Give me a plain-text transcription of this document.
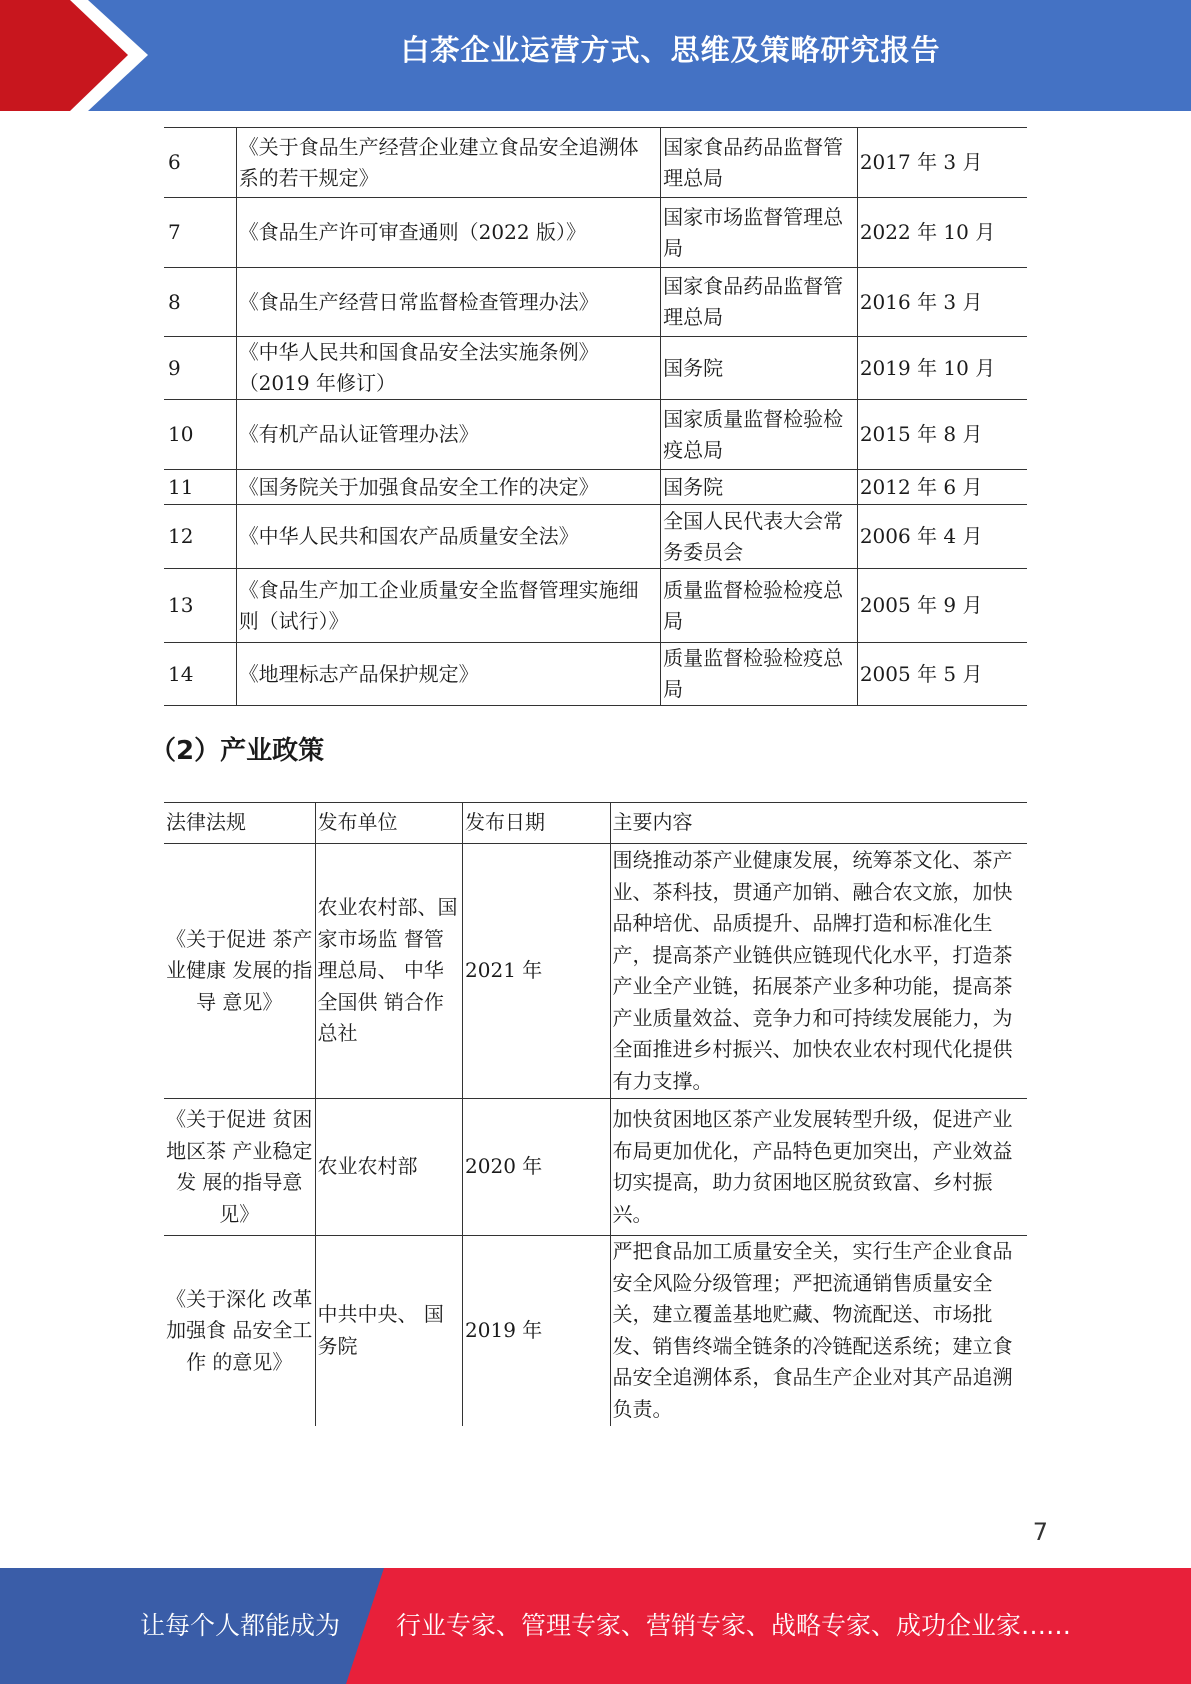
白茶企业运营方式、思维及策略研究报告
6	《关于食品生产经营企业建立食品安全追溯体系的若干规定》	国家食品药品监督管理总局	2017 年 3 月
7	《食品生产许可审查通则（2022 版）》	国家市场监督管理总局	2022 年 10 月
8	《食品生产经营日常监督检查管理办法》	国家食品药品监督管理总局	2016 年 3 月
9	《中华人民共和国食品安全法实施条例》（2019 年修订）	国务院	2019 年 10 月
10	《有机产品认证管理办法》	国家质量监督检验检疫总局	2015 年 8 月
11	《国务院关于加强食品安全工作的决定》	国务院	2012 年 6 月
12	《中华人民共和国农产品质量安全法》	全国人民代表大会常务委员会	2006 年 4 月
13	《食品生产加工企业质量安全监督管理实施细则（试行）》	质量监督检验检疫总局	2005 年 9 月
14	《地理标志产品保护规定》	质量监督检验检疫总局	2005 年 5 月
（2）产业政策
法律法规	发布单位	发布日期	主要内容
《关于促进 茶产业健康 发展的指导 意见》	农业农村部、国家市场监 督管理总局、 中华全国供 销合作总社	2021 年	围绕推动茶产业健康发展，统筹茶文化、茶产业、茶科技，贯通产加销、融合农文旅，加快品种培优、品质提升、品牌打造和标准化生产，提高茶产业链供应链现代化水平，打造茶产业全产业链，拓展茶产业多种功能，提高茶产业质量效益、竞争力和可持续发展能力，为全面推进乡村振兴、加快农业农村现代化提供有力支撑。
《关于促进 贫困地区茶 产业稳定发 展的指导意 见》	农业农村部	2020 年	加快贫困地区茶产业发展转型升级，促进产业布局更加优化，产品特色更加突出，产业效益切实提高，助力贫困地区脱贫致富、乡村振兴。
《关于深化 改革加强食 品安全工作 的意见》	中共中央、 国务院	2019 年	严把食品加工质量安全关，实行生产企业食品安全风险分级管理；严把流通销售质量安全关，建立覆盖基地贮藏、物流配送、市场批发、销售终端全链条的冷链配送系统；建立食品安全追溯体系，食品生产企业对其产品追溯负责。
7
让每个人都能成为 行业专家、管理专家、营销专家、战略专家、成功企业家……
